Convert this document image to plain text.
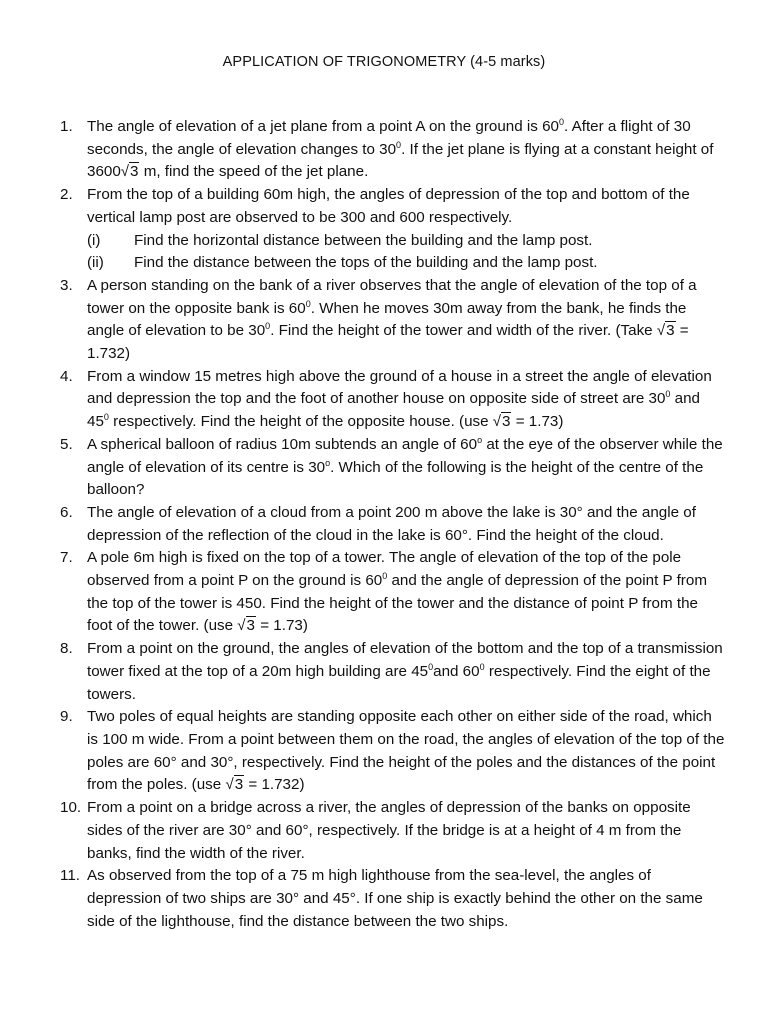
APPLICATION OF TRIGONOMETRY (4-5 marks)
1. The angle of elevation of a jet plane from a point A on the ground is $60^0$. After a flight of 30 seconds, the angle of elevation changes to $30^0$. If the jet plane is flying at a constant height of 3600√3 m, find the speed of the jet plane.
2. From the top of a building 60m high, the angles of depression of the top and bottom of the vertical lamp post are observed to be 300 and 600 respectively.
(i) Find the horizontal distance between the building and the lamp post.
(ii) Find the distance between the tops of the building and the lamp post.
3. A person standing on the bank of a river observes that the angle of elevation of the top of a tower on the opposite bank is $60^0$. When he moves 30m away from the bank, he finds the angle of elevation to be $30^0$. Find the height of the tower and width of the river. (Take √3 = 1.732)
4. From a window 15 metres high above the ground of a house in a street the angle of elevation and depression the top and the foot of another house on opposite side of street are $30^0$ and $45^0$ respectively. Find the height of the opposite house. (use √3 = 1.73)
5. A spherical balloon of radius 10m subtends an angle of 60$^o$ at the eye of the observer while the angle of elevation of its centre is 30$^o$. Which of the following is the height of the centre of the balloon?
6. The angle of elevation of a cloud from a point 200 m above the lake is 30° and the angle of depression of the reflection of the cloud in the lake is 60°. Find the height of the cloud.
7. A pole 6m high is fixed on the top of a tower. The angle of elevation of the top of the pole observed from a point P on the ground is $60^0$ and the angle of depression of the point P from the top of the tower is 450. Find the height of the tower and the distance of point P from the foot of the tower. (use √3 = 1.73)
8. From a point on the ground, the angles of elevation of the bottom and the top of a transmission tower fixed at the top of a 20m high building are $45^0and$ $60^0$ respectively. Find the eight of the towers.
9. Two poles of equal heights are standing opposite each other on either side of the road, which is 100 m wide. From a point between them on the road, the angles of elevation of the top of the poles are 60° and 30°, respectively. Find the height of the poles and the distances of the point from the poles. (use √3 = 1.732)
10. From a point on a bridge across a river, the angles of depression of the banks on opposite sides of the river are 30° and 60°, respectively. If the bridge is at a height of 4 m from the banks, find the width of the river.
11. As observed from the top of a 75 m high lighthouse from the sea-level, the angles of depression of two ships are 30° and 45°. If one ship is exactly behind the other on the same side of the lighthouse, find the distance between the two ships.
